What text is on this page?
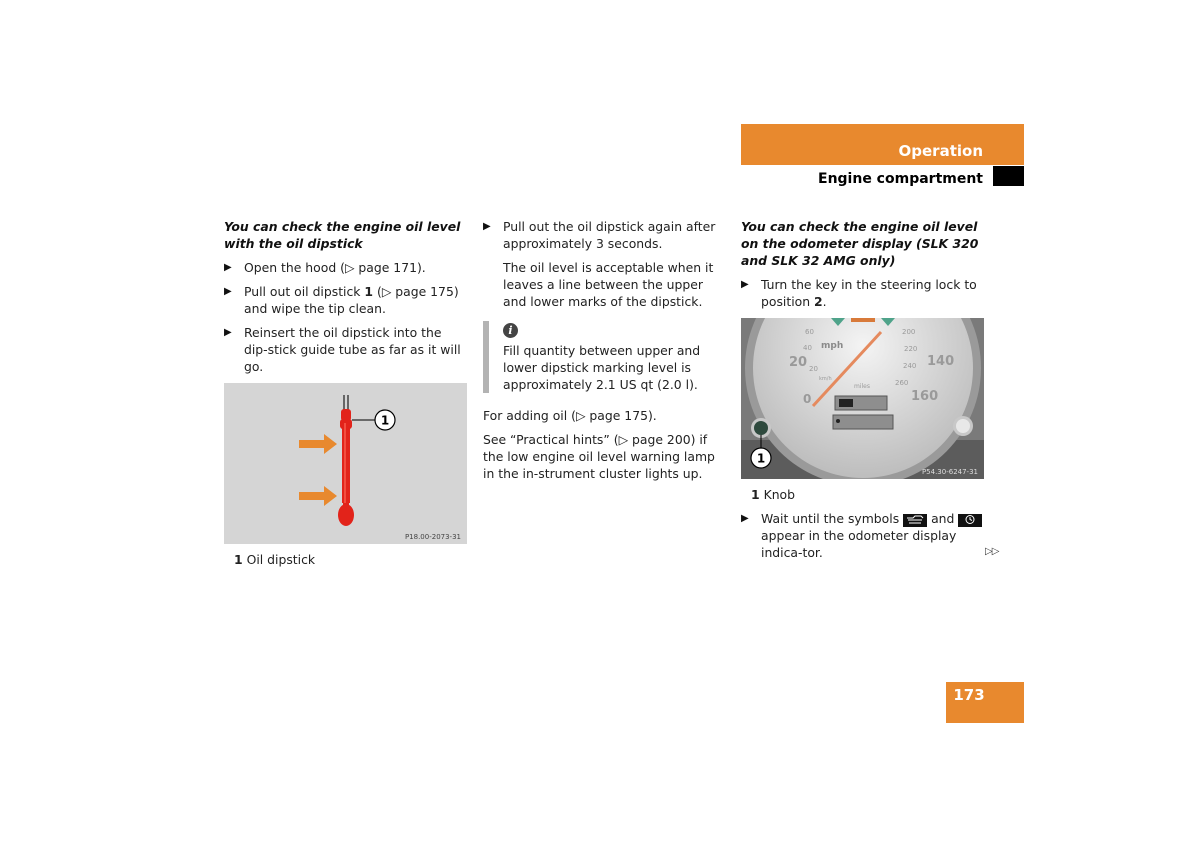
Operation
Engine compartment

You can check the engine oil level with the oil dipstick

▶ Open the hood (▷ page 171).
▶ Pull out oil dipstick 1 (▷ page 175) and wipe the tip clean.
▶ Reinsert the oil dipstick into the dip-stick guide tube as far as it will go.
1
P18.00-2073-31
1 Oil dipstick
▶ Pull out the oil dipstick again after approximately 3 seconds.

The oil level is acceptable when it leaves a line between the upper and lower marks of the dipstick.

i
Fill quantity between upper and lower dipstick marking level is approximately 2.1 US qt (2.0 l).

For adding oil (▷ page 175).

See “Practical hints” (▷ page 200) if the low engine oil level warning lamp in the in-strument cluster lights up.

You can check the engine oil level on the odometer display (SLK 320 and SLK 32 AMG only)

▶ Turn the key in the steering lock to position 2.
20
0
140
160
60
40
20
200
220
240
260
mph
km/h
miles
1
P54.30-6247-31
1 Knob
▶ Wait until the symbols	and  appear in the odometer display indica-tor.	▷▷
173
